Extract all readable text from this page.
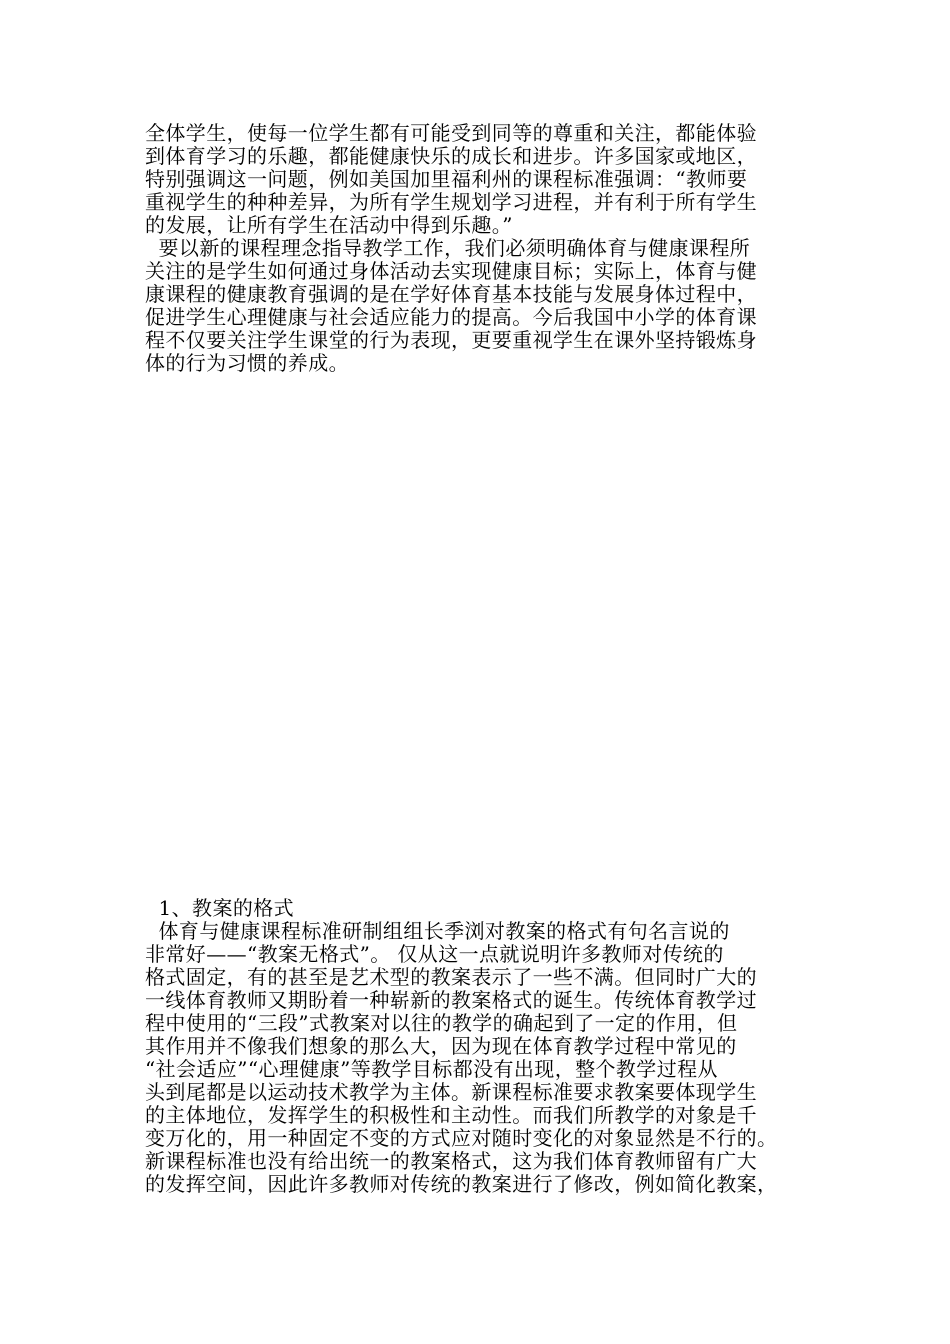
全体学生，使每一位学生都有可能受到同等的尊重和关注，都能体验
到体育学习的乐趣，都能健康快乐的成长和进步。许多国家或地区，
特别强调这一问题，例如美国加里福利州的课程标准强调：“教师要
重视学生的种种差异，为所有学生规划学习进程，并有利于所有学生
的发展，让所有学生在活动中得到乐趣。”
要以新的课程理念指导教学工作，我们必须明确体育与健康课程所
关注的是学生如何通过身体活动去实现健康目标；实际上，体育与健
康课程的健康教育强调的是在学好体育基本技能与发展身体过程中，
促进学生心理健康与社会适应能力的提高。今后我国中小学的体育课
程不仅要关注学生课堂的行为表现，更要重视学生在课外坚持锻炼身
体的行为习惯的养成。
1、教案的格式
体育与健康课程标准研制组组长季浏对教案的格式有句名言说的
非常好——“教案无格式”。 仅从这一点就说明许多教师对传统的
格式固定，有的甚至是艺术型的教案表示了一些不满。但同时广大的
一线体育教师又期盼着一种崭新的教案格式的诞生。传统体育教学过
程中使用的“三段”式教案对以往的教学的确起到了一定的作用，但
其作用并不像我们想象的那么大，因为现在体育教学过程中常见的
“社会适应”“心理健康”等教学目标都没有出现，整个教学过程从
头到尾都是以运动技术教学为主体。新课程标准要求教案要体现学生
的主体地位，发挥学生的积极性和主动性。而我们所教学的对象是千
变万化的，用一种固定不变的方式应对随时变化的对象显然是不行的。
新课程标准也没有给出统一的教案格式，这为我们体育教师留有广大
的发挥空间，因此许多教师对传统的教案进行了修改，例如简化教案，
